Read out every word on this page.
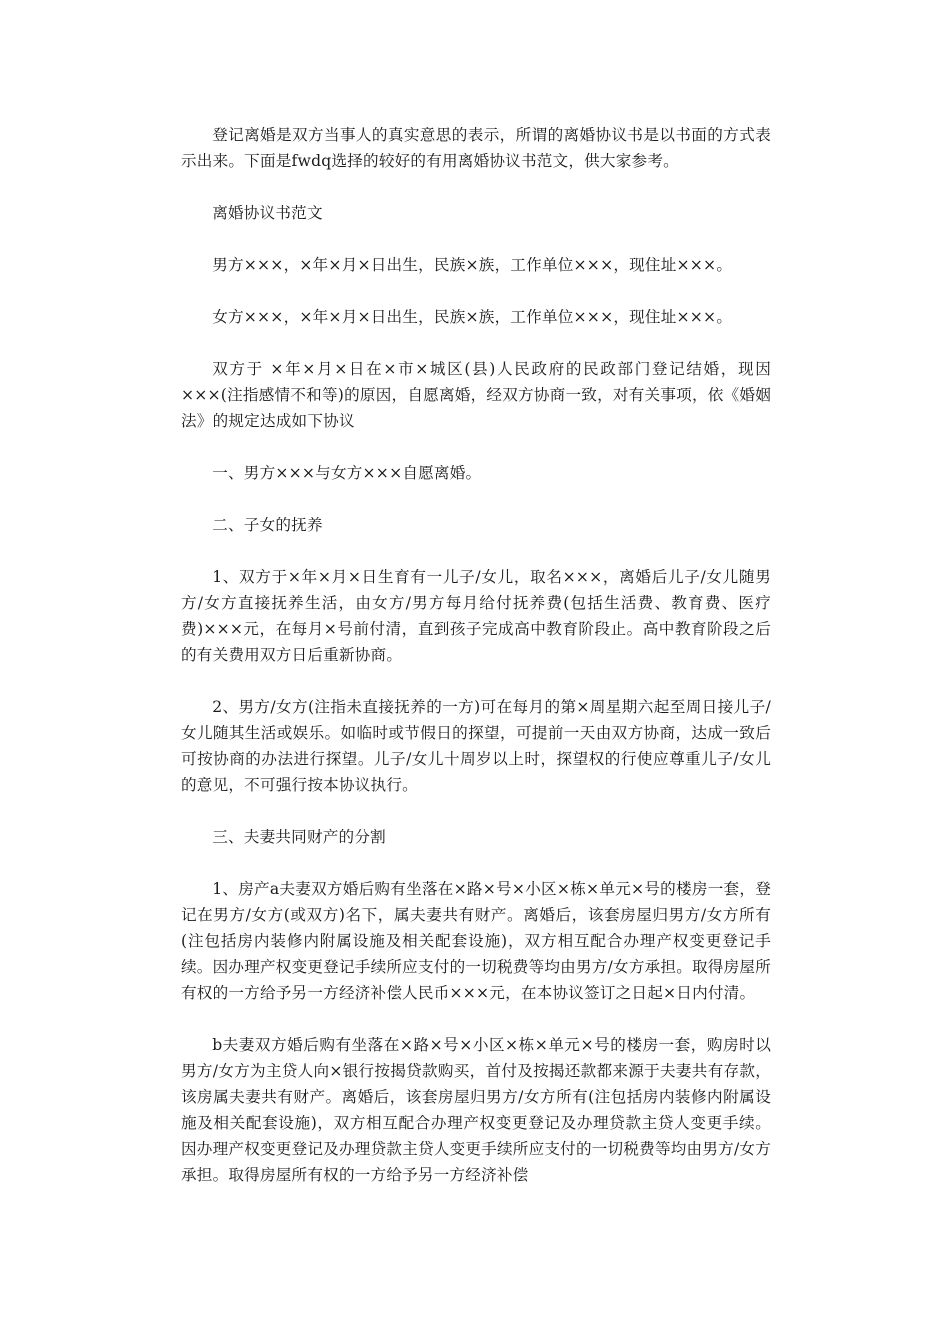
登记离婚是双方当事人的真实意思的表示，所谓的离婚协议书是以书面的方式表示出来。下面是fwdq选择的较好的有用离婚协议书范文，供大家参考。

离婚协议书范文

男方×××，×年×月×日出生，民族×族，工作单位×××，现住址×××。

女方×××，×年×月×日出生，民族×族，工作单位×××，现住址×××。

双方于 ×年×月×日在×市×城区(县)人民政府的民政部门登记结婚，现因×××(注指感情不和等)的原因，自愿离婚，经双方协商一致，对有关事项，依《婚姻法》的规定达成如下协议

一、男方×××与女方×××自愿离婚。

二、子女的抚养

1、双方于×年×月×日生育有一儿子/女儿，取名×××，离婚后儿子/女儿随男方/女方直接抚养生活，由女方/男方每月给付抚养费(包括生活费、教育费、医疗费)×××元，在每月×号前付清，直到孩子完成高中教育阶段止。高中教育阶段之后的有关费用双方日后重新协商。

2、男方/女方(注指未直接抚养的一方)可在每月的第×周星期六起至周日接儿子/女儿随其生活或娱乐。如临时或节假日的探望，可提前一天由双方协商，达成一致后可按协商的办法进行探望。儿子/女儿十周岁以上时，探望权的行使应尊重儿子/女儿的意见，不可强行按本协议执行。

三、夫妻共同财产的分割

1、房产a夫妻双方婚后购有坐落在×路×号×小区×栋×单元×号的楼房一套，登记在男方/女方(或双方)名下，属夫妻共有财产。离婚后，该套房屋归男方/女方所有(注包括房内装修内附属设施及相关配套设施)，双方相互配合办理产权变更登记手续。因办理产权变更登记手续所应支付的一切税费等均由男方/女方承担。取得房屋所有权的一方给予另一方经济补偿人民币×××元，在本协议签订之日起×日内付清。

b夫妻双方婚后购有坐落在×路×号×小区×栋×单元×号的楼房一套，购房时以男方/女方为主贷人向×银行按揭贷款购买，首付及按揭还款都来源于夫妻共有存款，该房属夫妻共有财产。离婚后，该套房屋归男方/女方所有(注包括房内装修内附属设施及相关配套设施)，双方相互配合办理产权变更登记及办理贷款主贷人变更手续。因办理产权变更登记及办理贷款主贷人变更手续所应支付的一切税费等均由男方/女方承担。取得房屋所有权的一方给予另一方经济补偿
